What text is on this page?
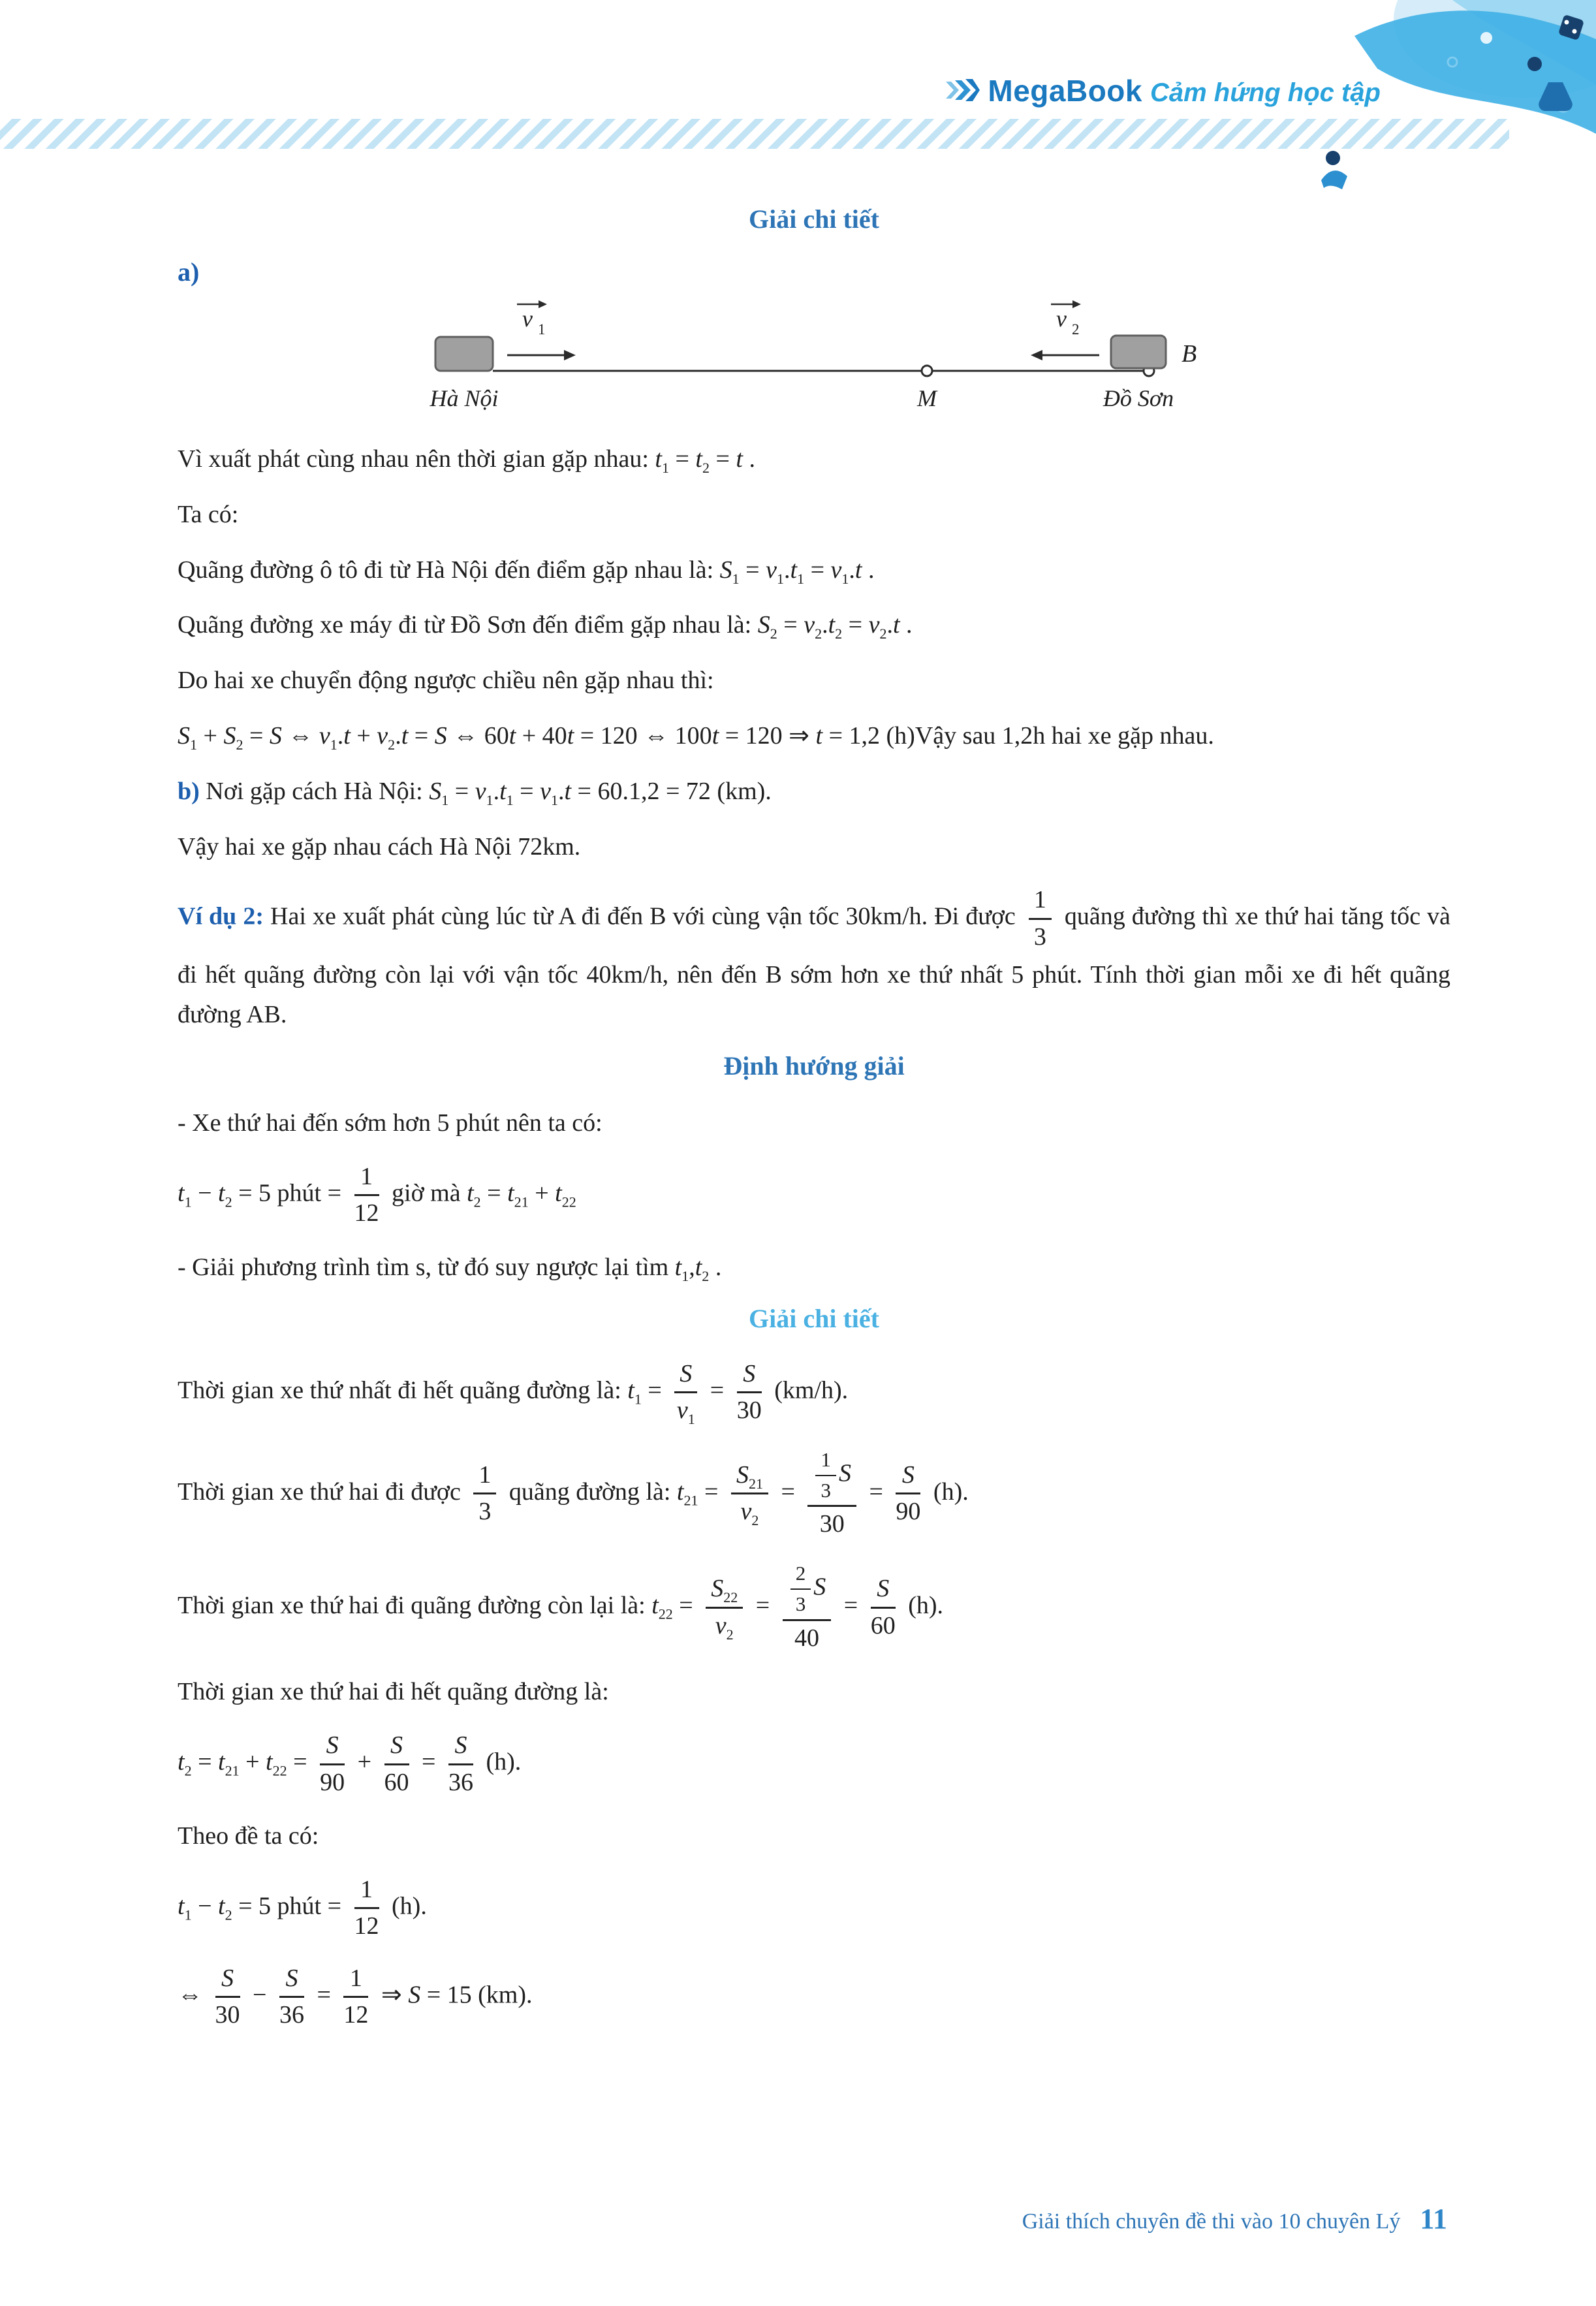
MegaBook Cảm hứng học tập
Giải chi tiết
a)
v 1	v 2
Hà Nội	M	Đồ Sơn
B

Vì xuất phát cùng nhau nên thời gian gặp nhau: $t_1 = t_2 = t$ .

Ta có:

Quãng đường ô tô đi từ Hà Nội đến điểm gặp nhau là: $S_1 = v_1.t_1 = v_1.t$ .

Quãng đường xe máy đi từ Đồ Sơn đến điểm gặp nhau là: $S_2 = v_2.t_2 = v_2.t$ .

Do hai xe chuyển động ngược chiều nên gặp nhau thì:

$S_1 + S_2 = S$ ⇔ $v_1.t + v_2.t = S$ ⇔ 60t + 40t = 120 ⇔ 100t = 120 ⇒ t = 1,2 (h)Vậy sau 1,2h hai xe gặp nhau.

b) Nơi gặp cách Hà Nội: $S_1 = v_1.t_1 = v_1.t = 60.1,2 = 72$ (km).

Vậy hai xe gặp nhau cách Hà Nội 72km.

Ví dụ 2: Hai xe xuất phát cùng lúc từ A đi đến B với cùng vận tốc 30km/h. Đi được $\frac{1}{3}$ quãng đường thì xe thứ hai tăng tốc và đi hết quãng đường còn lại với vận tốc 40km/h, nên đến B sớm hơn xe thứ nhất 5 phút. Tính thời gian mỗi xe đi hết quãng đường AB.

Định hướng giải

- Xe thứ hai đến sớm hơn 5 phút nên ta có:

$t_1 - t_2 = 5$ phút = $\frac{1}{12}$ giờ mà $t_2 = t_{21} + t_{22}$

- Giải phương trình tìm s, từ đó suy ngược lại tìm $t_1,t_2$ .

Giải chi tiết

Thời gian xe thứ nhất đi hết quãng đường là: $t_1 = \frac{S}{v_1} = \frac{S}{30} (km/h)$.

Thời gian xe thứ hai đi được $\frac{1}{3}$ quãng đường là: $t_{21} = \frac{S_{21}}{v_2} = \frac{\frac{1}{3} S}{30} = \frac{S}{90} (h)$.

Thời gian xe thứ hai đi quãng đường còn lại là: $t_{22} = \frac{S_{22}}{v_2} = \frac{\frac{2}{3} S}{40} = \frac{S}{60} (h)$.

Thời gian xe thứ hai đi hết quãng đường là:

$t_2 = t_{21} + t_{22} = \frac{S}{90} + \frac{S}{60} = \frac{S}{36} (h)$.

Theo đề ta có:

$t_1 - t_2 = 5$ phút = $\frac{1}{12} (h)$.

⇔ $\frac{S}{30} - \frac{S}{36} = \frac{1}{12}$ ⇒ S = 15 (km).

Giải thích chuyên đề thi vào 10 chuyên Lý 11
